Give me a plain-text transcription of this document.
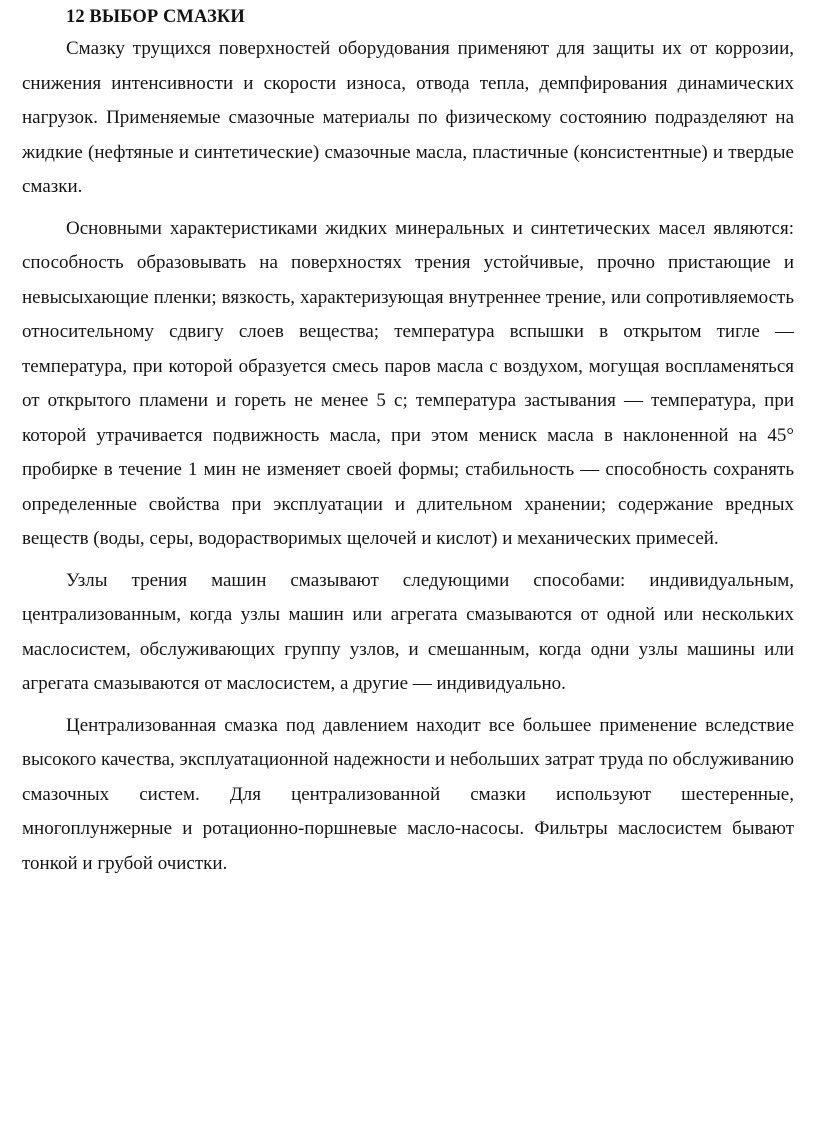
12 ВЫБОР СМАЗКИ

Смазку трущихся поверхностей оборудования применяют для защиты их от коррозии, снижения интенсивности и скорости износа, отвода тепла, демпфирования динамических нагрузок. Применяемые смазочные материалы по физическому состоянию подразделяют на жидкие (нефтяные и синтетические) смазочные масла, пластичные (консистентные) и твердые смазки.

Основными характеристиками жидких минеральных и синтетических масел являются: способность образовывать на поверхностях трения устойчивые, прочно пристающие и невысыхающие пленки; вязкость, характеризующая внутреннее трение, или сопротивляемость относительному сдвигу слоев вещества; температура вспышки в открытом тигле — температура, при которой образуется смесь паров масла с воздухом, могущая воспламеняться от открытого пламени и гореть не менее 5 с; температура застывания — температура, при которой утрачивается подвижность масла, при этом мениск масла в наклоненной на 45° пробирке в течение 1 мин не изменяет своей формы; стабильность — способность сохранять определенные свойства при эксплуатации и длительном хранении; содержание вредных веществ (воды, серы, водорастворимых щелочей и кислот) и механических примесей.

Узлы трения машин смазывают следующими способами: индивидуальным, централизованным, когда узлы машин или агрегата смазываются от одной или нескольких маслосистем, обслуживающих группу узлов, и смешанным, когда одни узлы машины или агрегата смазываются от маслосистем, а другие — индивидуально.

Централизованная смазка под давлением находит все большее применение вследствие высокого качества, эксплуатационной надежности и небольших затрат труда по обслуживанию смазочных систем. Для централизованной смазки используют шестеренные, многоплунжерные и ротационно-поршневые масло-насосы. Фильтры маслосистем бывают тонкой и грубой очистки.
